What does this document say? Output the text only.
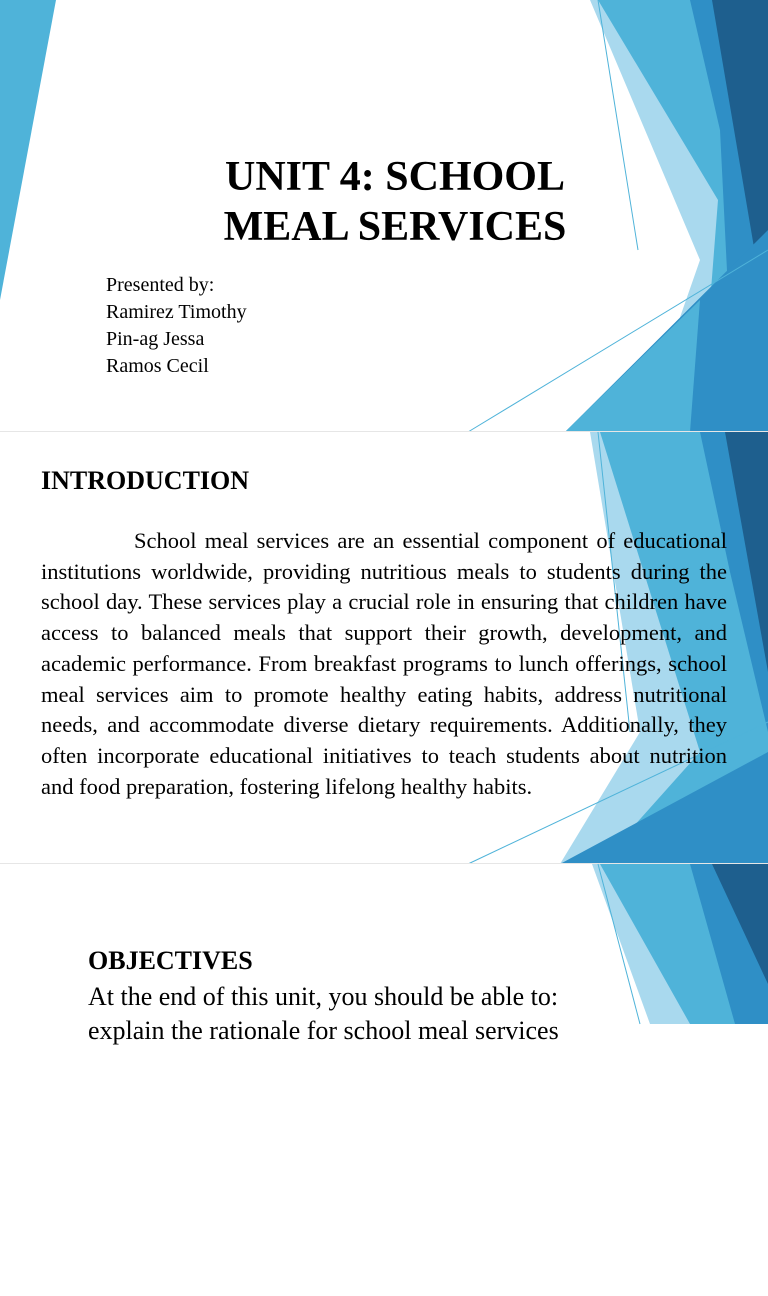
UNIT 4: SCHOOL
MEAL SERVICES
Presented by:
Ramirez Timothy
Pin-ag Jessa
Ramos Cecil
INTRODUCTION

School meal services are an essential component of educational institutions worldwide, providing nutritious meals to students during the school day. These services play a crucial role in ensuring that children have access to balanced meals that support their growth, development, and academic performance. From breakfast programs to lunch offerings, school meal services aim to promote healthy eating habits, address nutritional needs, and accommodate diverse dietary requirements. Additionally, they often incorporate educational initiatives to teach students about nutrition and food preparation, fostering lifelong healthy habits.

OBJECTIVES

At the end of this unit, you should be able to:

explain the rationale for school meal services
